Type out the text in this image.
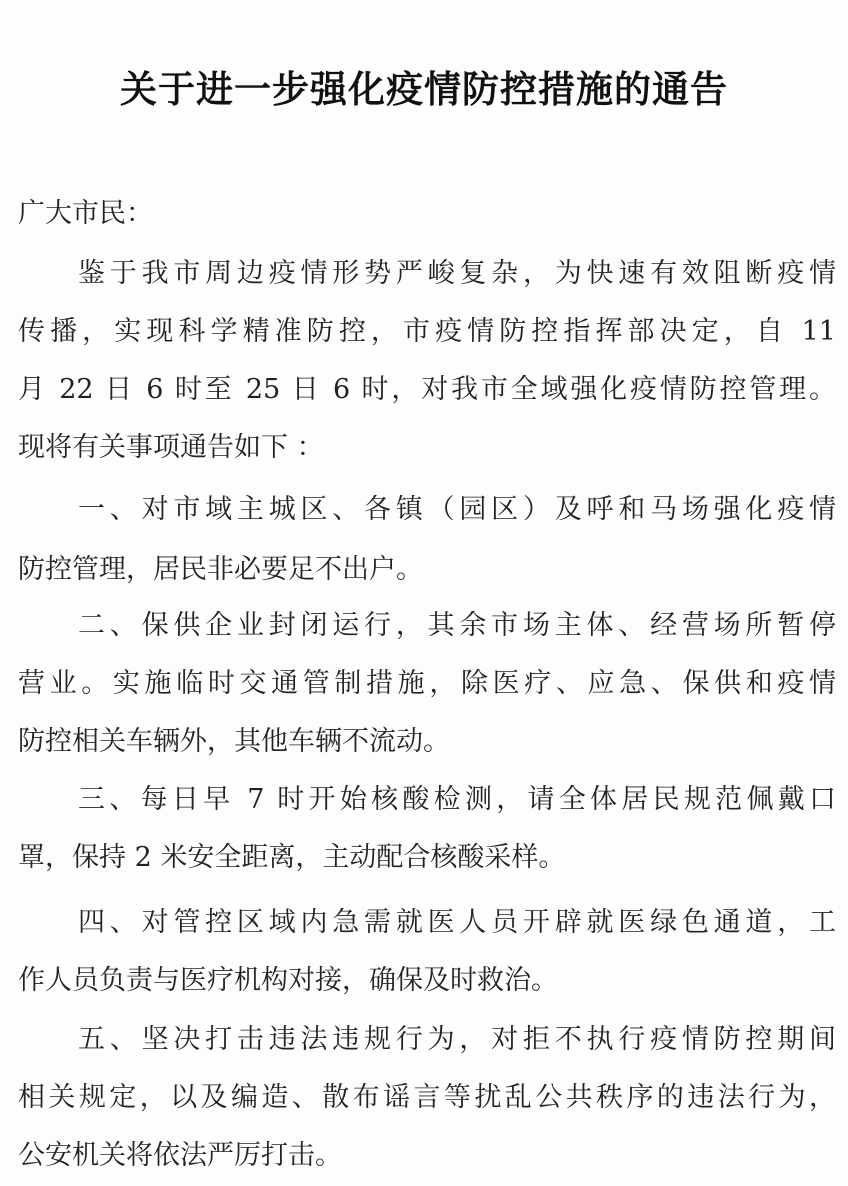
关于进一步强化疫情防控措施的通告
广大市民：
鉴于我市周边疫情形势严峻复杂，为快速有效阻断疫情
传播，实现科学精准防控，市疫情防控指挥部决定，自 11
月 22 日 6 时至 25 日 6 时，对我市全域强化疫情防控管理。
现将有关事项通告如下 ：
一、对市域主城区、各镇（园区）及呼和马场强化疫情
防控管理，居民非必要足不出户。
二、保供企业封闭运行，其余市场主体、经营场所暂停
营业。实施临时交通管制措施，除医疗、应急、保供和疫情
防控相关车辆外，其他车辆不流动。
三、每日早 7 时开始核酸检测，请全体居民规范佩戴口
罩，保持 2 米安全距离，主动配合核酸采样。
四、对管控区域内急需就医人员开辟就医绿色通道，工
作人员负责与医疗机构对接，确保及时救治。
五、坚决打击违法违规行为，对拒不执行疫情防控期间
相关规定，以及编造、散布谣言等扰乱公共秩序的违法行为，
公安机关将依法严厉打击。
